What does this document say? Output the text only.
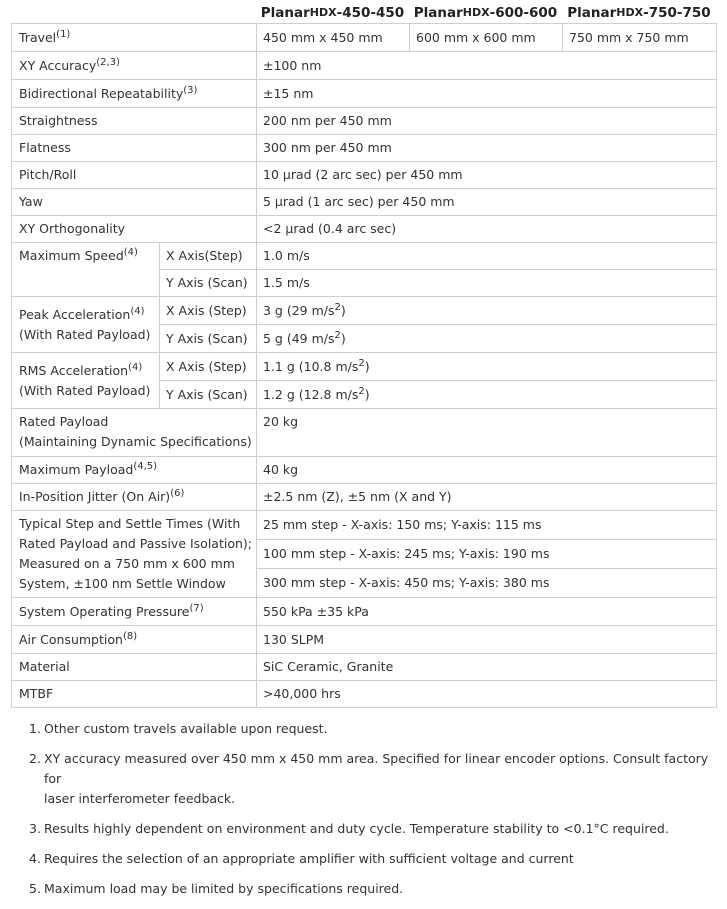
Planar HDX -450-450 Planar HDX -600-600 Planar HDX -750-750
Travel$^{(1)}$		450 mm x 450 mm	600 mm x 600 mm	750 mm x 750 mm
XY Accuracy$^{(2,3)}$		±100 nm		
Bidirectional Repeatability$^{(3)}$		±15 nm		
Straightness		200 nm per 450 mm		
Flatness		300 nm per 450 mm		
Pitch/Roll		10 µrad (2 arc sec) per 450 mm		
Yaw		5 µrad (1 arc sec) per 450 mm		
XY Orthogonality		<2 µrad (0.4 arc sec)		
Maximum Speed$^{(4)}$	X Axis(Step)	1.0 m/s		
	Y Axis (Scan)	1.5 m/s		
Peak Acceleration$^{(4)}$
(With Rated Payload)	X Axis (Step)	3 g (29 $m/s^2$)		
	Y Axis (Scan)	5 g (49 $m/s^2$)		
RMS Acceleration$^{(4)}$
(With Rated Payload)	X Axis (Step)	1.1 g (10.8 $m/s^2$)		
	Y Axis (Scan)	1.2 g (12.8 $m/s^2$)		
Rated Payload
(Maintaining Dynamic Specifications)		20 kg		
Maximum Payload$^{(4,5)}$		40 kg		
In-Position Jitter (On Air)$^{(6)}$		±2.5 nm (Z), ±5 nm (X and Y)		
Typical Step and Settle Times (With
Rated Payload and Passive Isolation);
Measured on a 750 mm x 600 mm
System, ±100 nm Settle Window		25 mm step - X-axis: 150 ms; Y-axis: 115 ms		
		100 mm step - X-axis: 245 ms; Y-axis: 190 ms		
		300 mm step - X-axis: 450 ms; Y-axis: 380 ms		
System Operating Pressure$^{(7)}$		550 kPa ±35 kPa		
Air Consumption$^{(8)}$		130 SLPM		
Material		SiC Ceramic, Granite		
MTBF		>40,000 hrs		
1. Other custom travels available upon request.
2. XY accuracy measured over 450 mm x 450 mm area. Specified for linear encoder options. Consult factory for
laser interferometer feedback.
3. Results highly dependent on environment and duty cycle. Temperature stability to <0.1°C required.
4. Requires the selection of an appropriate amplifier with sufficient voltage and current
5. Maximum load may be limited by specifications required.
